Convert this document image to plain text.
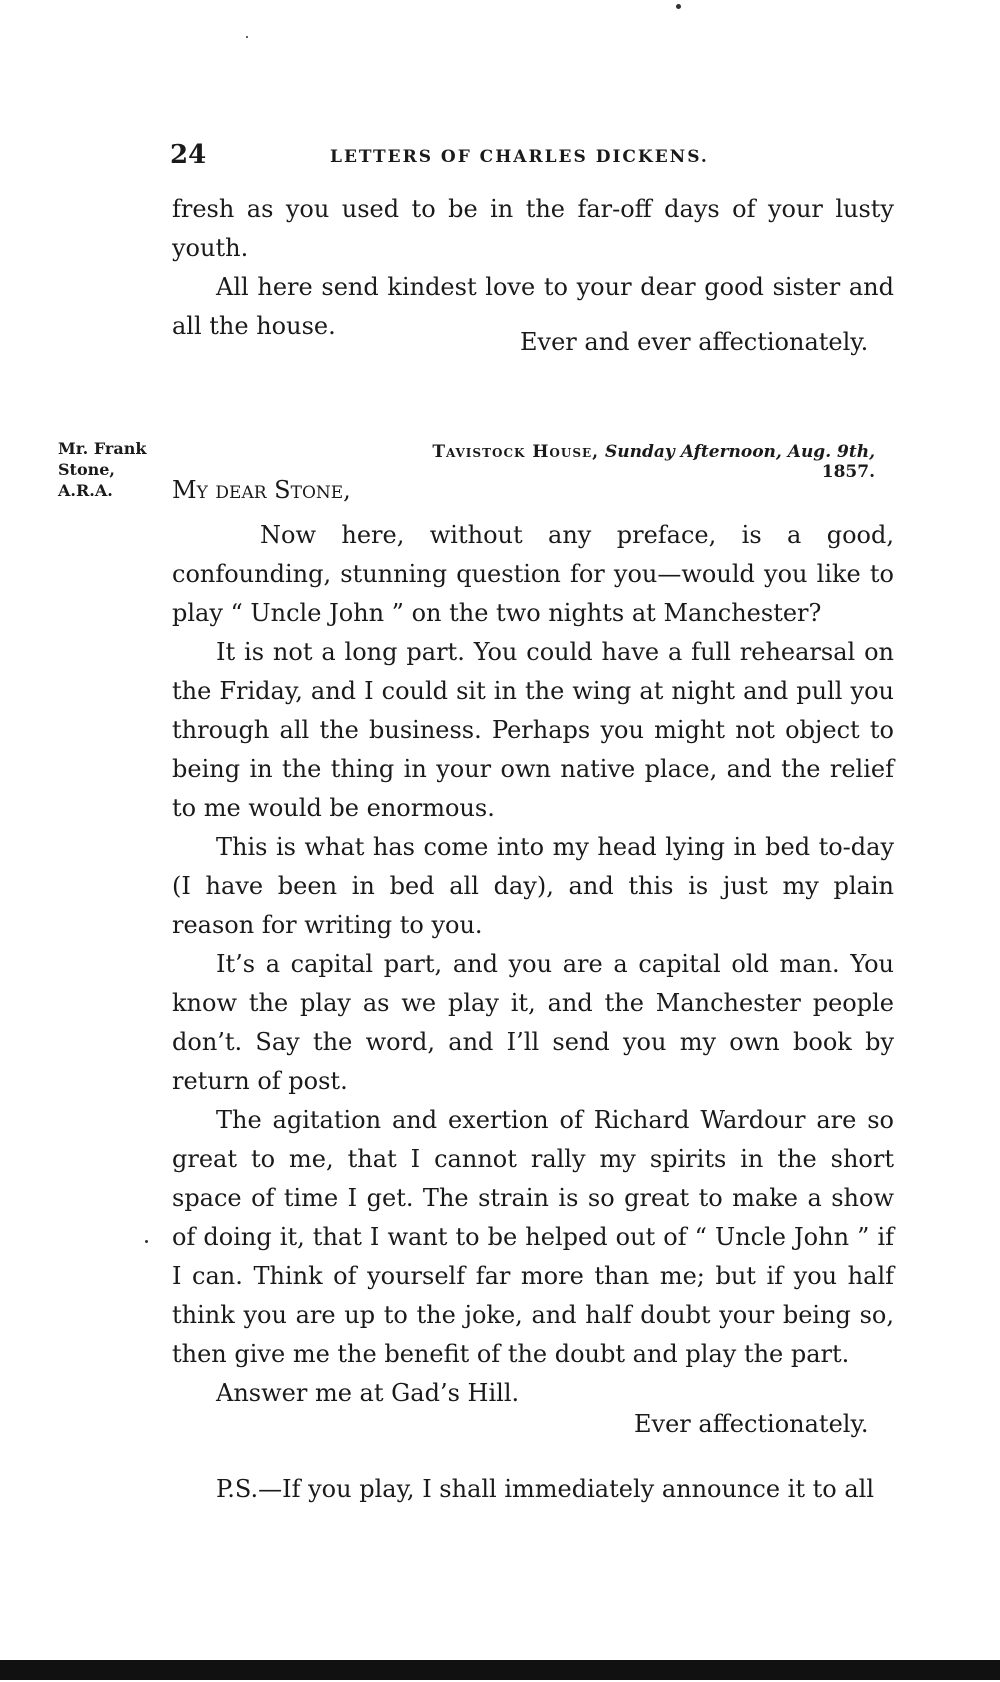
24	LETTERS OF CHARLES DICKENS.

fresh as you used to be in the far-off days of your lusty youth.

All here send kindest love to your dear good sister and all the house.

Ever and ever affectionately.
Mr. Frank
Stone,
A.R.A.
Tavistock House, Sunday Afternoon, Aug. 9th, 1857.
My dear Stone,

Now here, without any preface, is a good, confounding, stunning question for you—would you like to play “ Uncle John ” on the two nights at Manchester?

It is not a long part. You could have a full rehearsal on the Friday, and I could sit in the wing at night and pull you through all the business. Perhaps you might not object to being in the thing in your own native place, and the relief to me would be enormous.

This is what has come into my head lying in bed to-day (I have been in bed all day), and this is just my plain reason for writing to you.

It’s a capital part, and you are a capital old man. You know the play as we play it, and the Manchester people don’t. Say the word, and I’ll send you my own book by return of post.

The agitation and exertion of Richard Wardour are so great to me, that I cannot rally my spirits in the short space of time I get. The strain is so great to make a show of doing it, that I want to be helped out of “ Uncle John ” if I can. Think of yourself far more than me; but if you half think you are up to the joke, and half doubt your being so, then give me the benefit of the doubt and play the part.

Answer me at Gad’s Hill.

Ever affectionately.

P.S.—If you play, I shall immediately announce it to all
